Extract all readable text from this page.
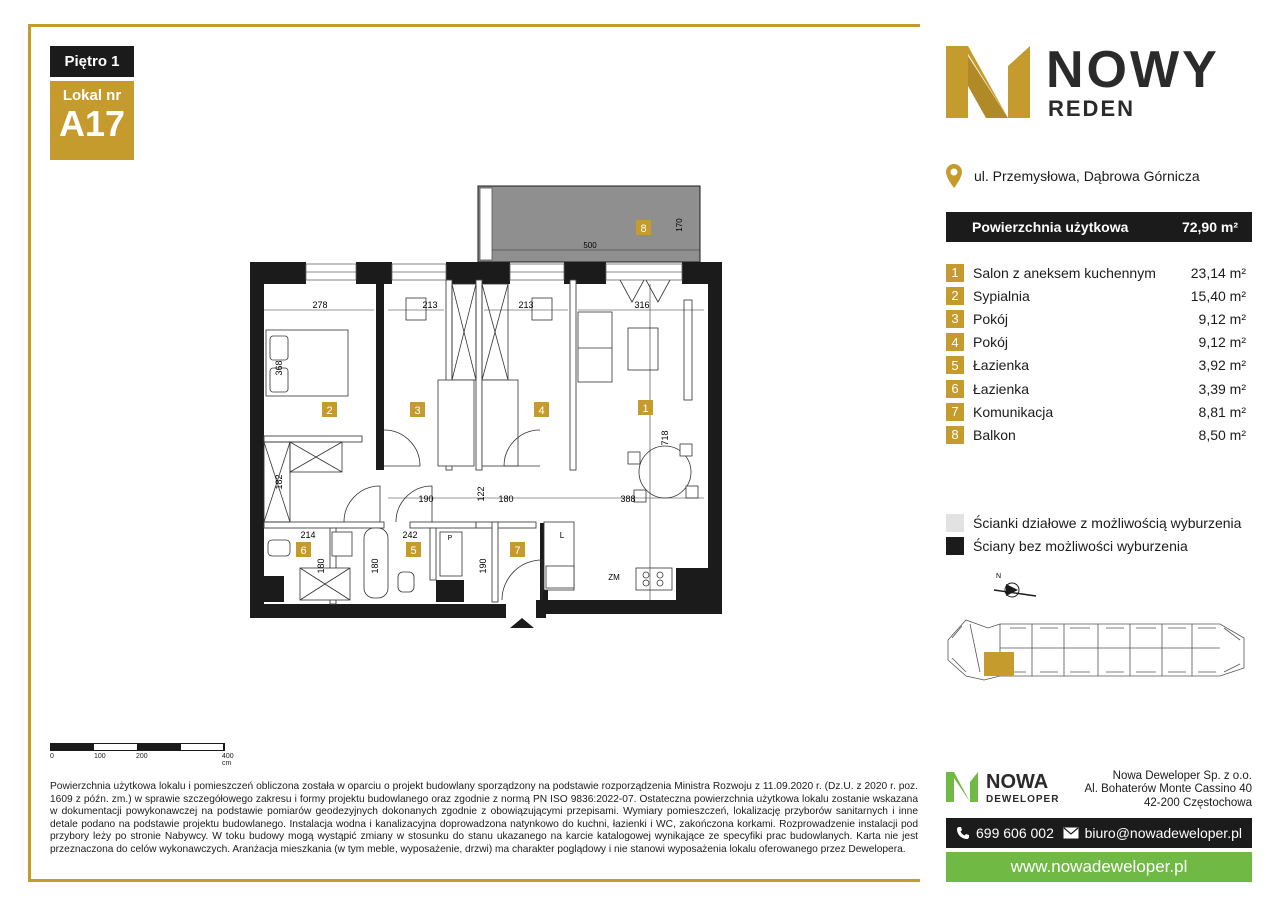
Piętro 1
Lokal nr
A17
500
170
278
368
213	213	316
718
190	122 180	388
182
214
180
242
180	190
ZM
L
P
1
2	3	4
5
6	7
8
0	100	200	400 cm
Powierzchnia użytkowa lokalu i pomieszczeń obliczona została w oparciu o projekt budowlany sporządzony na podstawie rozporządzenia Ministra Rozwoju z 11.09.2020 r. (Dz.U. z 2020 r. poz. 1609 z późn. zm.) w sprawie szczegółowego zakresu i formy projektu budowlanego oraz zgodnie z normą PN ISO 9836:2022-07. Ostateczna powierzchnia użytkowa lokalu zostanie wskazana w dokumentacji powykonawczej na podstawie pomiarów geodezyjnych dokonanych zgodnie z obowiązującymi przepisami. Wymiary pomieszczeń, lokalizację przyborów sanitarnych i inne detale podano na podstawie projektu budowlanego. Instalacja wodna i kanalizacyjna doprowadzona natynkowo do kuchni, łazienki i WC, zakończona korkami. Rozprowadzenie instalacji pod przybory leży po stronie Nabywcy. W toku budowy mogą wystąpić zmiany w stosunku do stanu ukazanego na karcie katalogowej wynikające ze specyfiki prac budowlanych. Karta nie jest przeznaczona do celów wykonawczych. Aranżacja mieszkania (w tym meble, wyposażenie, drzwi) ma charakter poglądowy i nie stanowi wyposażenia lokalu oferowanego przez Dewelopera.
NOWY
REDEN
ul. Przemysłowa, Dąbrowa Górnicza
Powierzchnia użytkowa	72,90 m²
1	Salon z aneksem kuchennym	23,14 m²
2	Sypialnia	15,40 m²
3	Pokój	9,12 m²
4	Pokój	9,12 m²
5	Łazienka	3,92 m²
6	Łazienka	3,39 m²
7	Komunikacja	8,81 m²
8	Balkon	8,50 m²
Ścianki działowe z możliwością wyburzenia
Ściany bez możliwości wyburzenia
N
NOWA
DEWELOPER
Nowa Deweloper Sp. z o.o.
Al. Bohaterów Monte Cassino 40
42-200 Częstochowa
699 606 002 biuro@nowadeweloper.pl
www.nowadeweloper.pl
